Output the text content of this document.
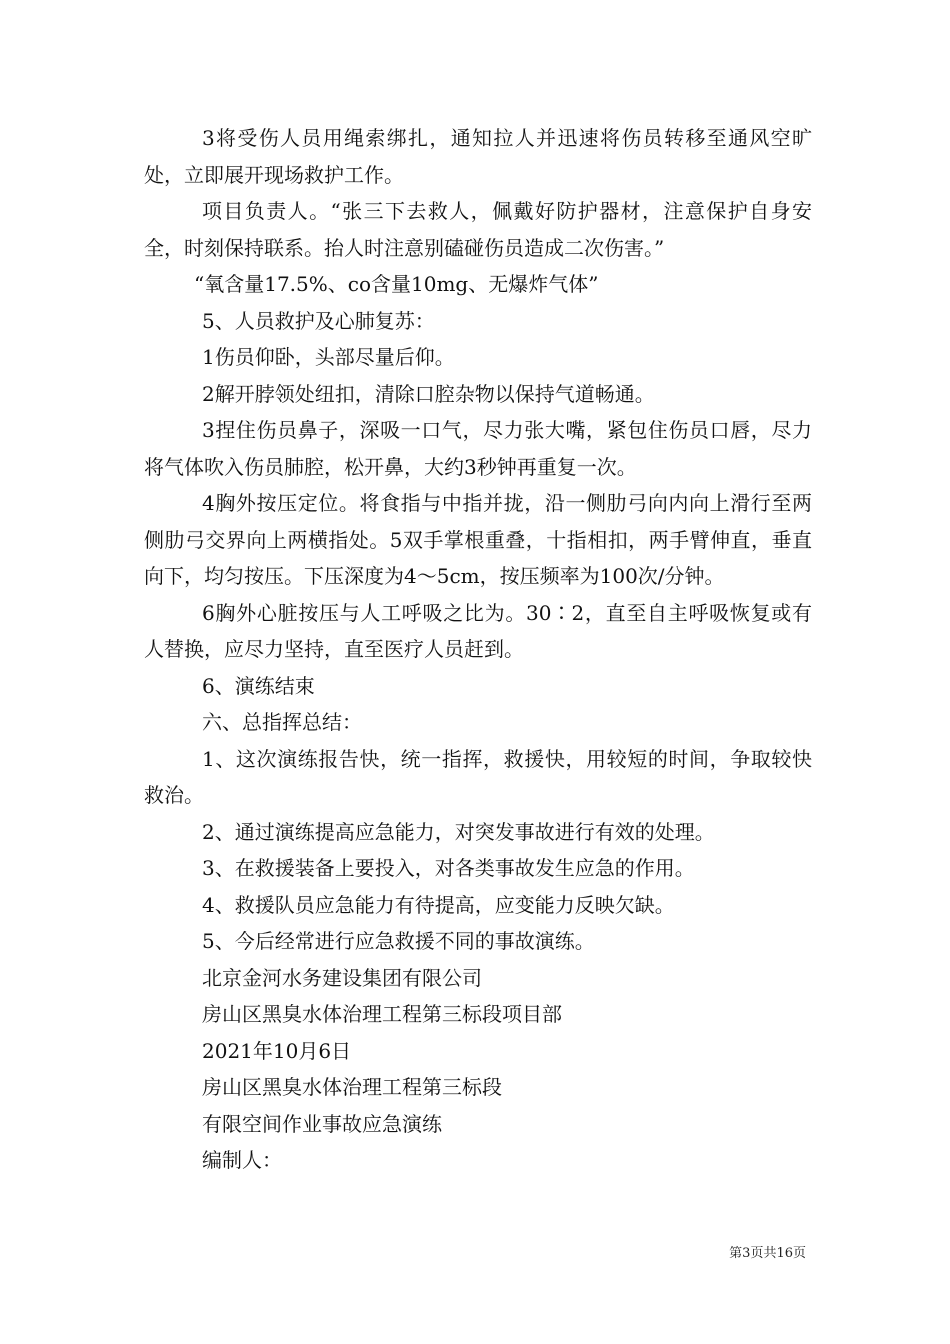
3将受伤人员用绳索绑扎，通知拉人并迅速将伤员转移至通风空旷处，立即展开现场救护工作。

项目负责人。“张三下去救人，佩戴好防护器材，注意保护自身安全，时刻保持联系。抬人时注意别磕碰伤员造成二次伤害。”

“氧含量17.5%、co含量10mg、无爆炸气体”

5、人员救护及心肺复苏：

1伤员仰卧，头部尽量后仰。

2解开脖领处纽扣，清除口腔杂物以保持气道畅通。

3捏住伤员鼻子，深吸一口气，尽力张大嘴，紧包住伤员口唇，尽力将气体吹入伤员肺腔，松开鼻，大约3秒钟再重复一次。

4胸外按压定位。将食指与中指并拢，沿一侧肋弓向内向上滑行至两侧肋弓交界向上两横指处。5双手掌根重叠，十指相扣，两手臂伸直，垂直向下，均匀按压。下压深度为4～5cm，按压频率为100次/分钟。

6胸外心脏按压与人工呼吸之比为。30∶2，直至自主呼吸恢复或有人替换，应尽力坚持，直至医疗人员赶到。

6、演练结束

六、总指挥总结：

1、这次演练报告快，统一指挥，救援快，用较短的时间，争取较快救治。

2、通过演练提高应急能力，对突发事故进行有效的处理。

3、在救援装备上要投入，对各类事故发生应急的作用。

4、救援队员应急能力有待提高，应变能力反映欠缺。

5、今后经常进行应急救援不同的事故演练。

北京金河水务建设集团有限公司

房山区黑臭水体治理工程第三标段项目部

2021年10月6日

房山区黑臭水体治理工程第三标段

有限空间作业事故应急演练

编制人：

第3页共16页
